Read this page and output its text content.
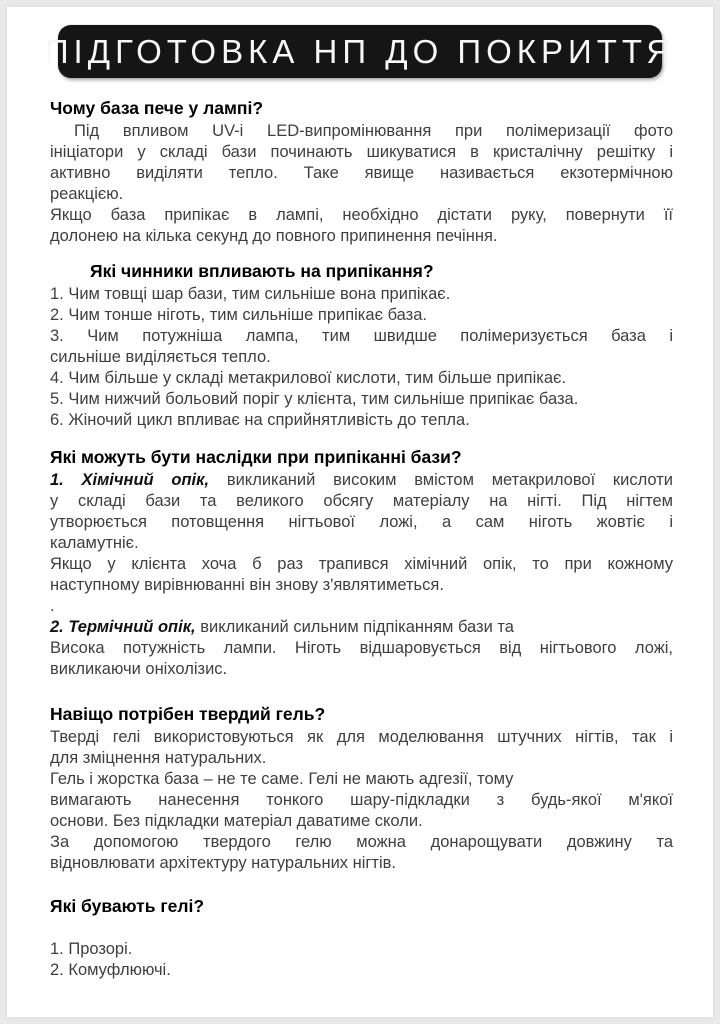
ПІДГОТОВКА НП ДО ПОКРИТТЯ
Чому база пече у лампі?
Під впливом UV-і LED-випромінювання при полімеризації фото
ініціатори у складі бази починають шикуватися в кристалічну решітку і
активно виділяти тепло. Таке явище називається екзотермічною
реакцією.
Якщо база припікає в лампі, необхідно дістати руку, повернути її
долонею на кілька секунд до повного припинення печіння.
Які чинники впливають на припікання?
1. Чим товщі шар бази, тим сильніше вона припікає.
2. Чим тонше ніготь, тим сильніше припікає база.
3. Чим потужніша лампа, тим швидше полімеризується база і
сильніше виділяється тепло.
4. Чим більше у складі метакрилової кислоти, тим більше припікає.
5. Чим нижчий больовий поріг у клієнта, тим сильніше припікає база.
6. Жіночий цикл впливає на сприйнятливість до тепла.
Які можуть бути наслідки при припіканні бази?
1. Хімічний опік, викликаний високим вмістом метакрилової кислоти
у складі бази та великого обсягу матеріалу на нігті. Під нігтем
утворюється потовщення нігтьової ложі, а сам ніготь жовтіє і
каламутніє.
Якщо у клієнта хоча б раз трапився хімічний опік, то при кожному
наступному вирівнюванні він знову з'являтиметься.
.
2. Термічний опік, викликаний сильним підпіканням бази та
Висока потужність лампи. Ніготь відшаровується від нігтьового ложі,
викликаючи оніхолізис.
Навіщо потрібен твердий гель?
Тверді гелі використовуються як для моделювання штучних нігтів, так і
для зміцнення натуральних.
Гель і жорстка база – не те саме. Гелі не мають адгезії, тому
вимагають нанесення тонкого шару-підкладки з будь-якої м'якої
основи. Без підкладки матеріал даватиме сколи.
За допомогою твердого гелю можна донарощувати довжину та
відновлювати архітектуру натуральних нігтів.
Які бувають гелі?
1. Прозорі.
2. Комуфлюючі.
